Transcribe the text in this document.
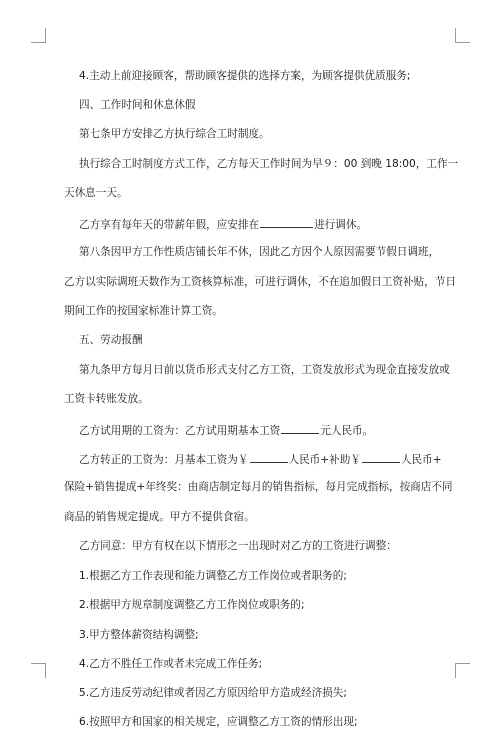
4.主动上前迎接顾客，帮助顾客提供的选择方案，为顾客提供优质服务;
四、工作时间和休息休假
第七条甲方安排乙方执行综合工时制度。
执行综合工时制度方式工作，乙方每天工作时间为早９：00 到晚 18:00，工作一
天休息一天。
乙方享有每年天的带薪年假，应安排在	进行调休。
第八条因甲方工作性质店铺长年不休，因此乙方因个人原因需要节假日调班，
乙方以实际调班天数作为工资核算标准，可进行调休，不在追加假日工资补贴，节日
期间工作的按国家标准计算工资。
五、劳动报酬
第九条甲方每月日前以货币形式支付乙方工资，工资发放形式为现金直接发放或
工资卡转账发放。
乙方试用期的工资为：乙方试用期基本工资	元人民币。
乙方转正的工资为：月基本工资为￥	人民币+补助￥	人民币+
保险+销售提成+年终奖：由商店制定每月的销售指标，每月完成指标，按商店不同
商品的销售规定提成。甲方不提供食宿。
乙方同意：甲方有权在以下情形之一出现时对乙方的工资进行调整：
1.根据乙方工作表现和能力调整乙方工作岗位或者职务的;
2.根据甲方规章制度调整乙方工作岗位或职务的;
3.甲方整体薪资结构调整;
4.乙方不胜任工作或者未完成工作任务;
5.乙方违反劳动纪律或者因乙方原因给甲方造成经济损失;
6.按照甲方和国家的相关规定，应调整乙方工资的情形出现;
